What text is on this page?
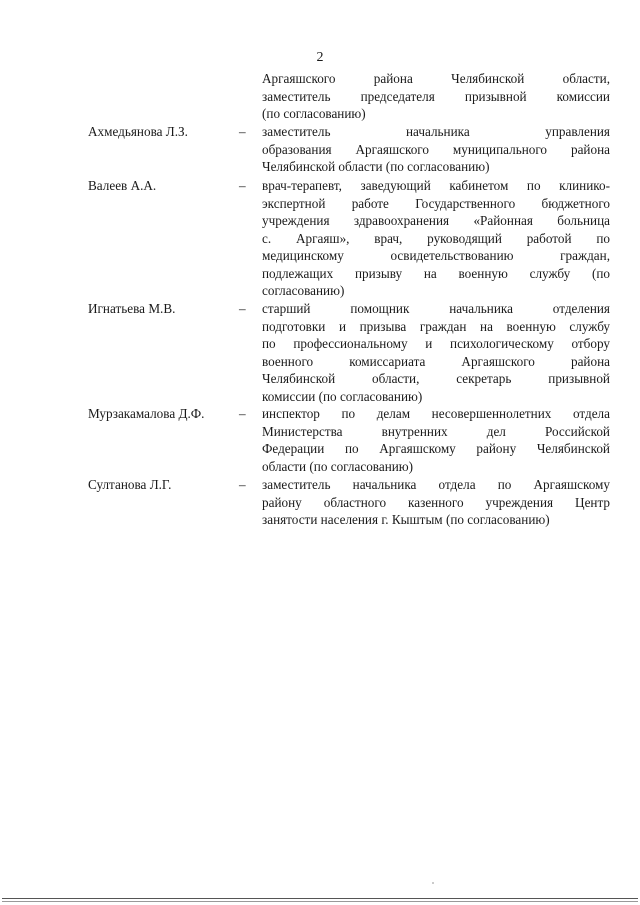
2
Аргаяшского района Челябинской области,
заместитель председателя призывной комиссии
(по согласованию)
Ахмедьянова Л.З.	– заместитель начальника управления
образования Аргаяшского муниципального района
Челябинской области (по согласованию)
Валеев А.А.	– врач-терапевт, заведующий кабинетом по клинико-
экспертной работе Государственного бюджетного
учреждения здравоохранения «Районная больница
с. Аргаяш», врач, руководящий работой по
медицинскому освидетельствованию граждан,
подлежащих призыву на военную службу (по
согласованию)
Игнатьева М.В.	– старший помощник начальника отделения
подготовки и призыва граждан на военную службу
по профессиональному и психологическому отбору
военного комиссариата Аргаяшского района
Челябинской области, секретарь призывной
комиссии (по согласованию)
Мурзакамалова Д.Ф.	– инспектор по делам несовершеннолетних отдела
Министерства внутренних дел Российской
Федерации по Аргаяшскому району Челябинской
области (по согласованию)
Султанова Л.Г.	– заместитель начальника отдела по Аргаяшскому
району областного казенного учреждения Центр
занятости населения г. Кыштым (по согласованию)
